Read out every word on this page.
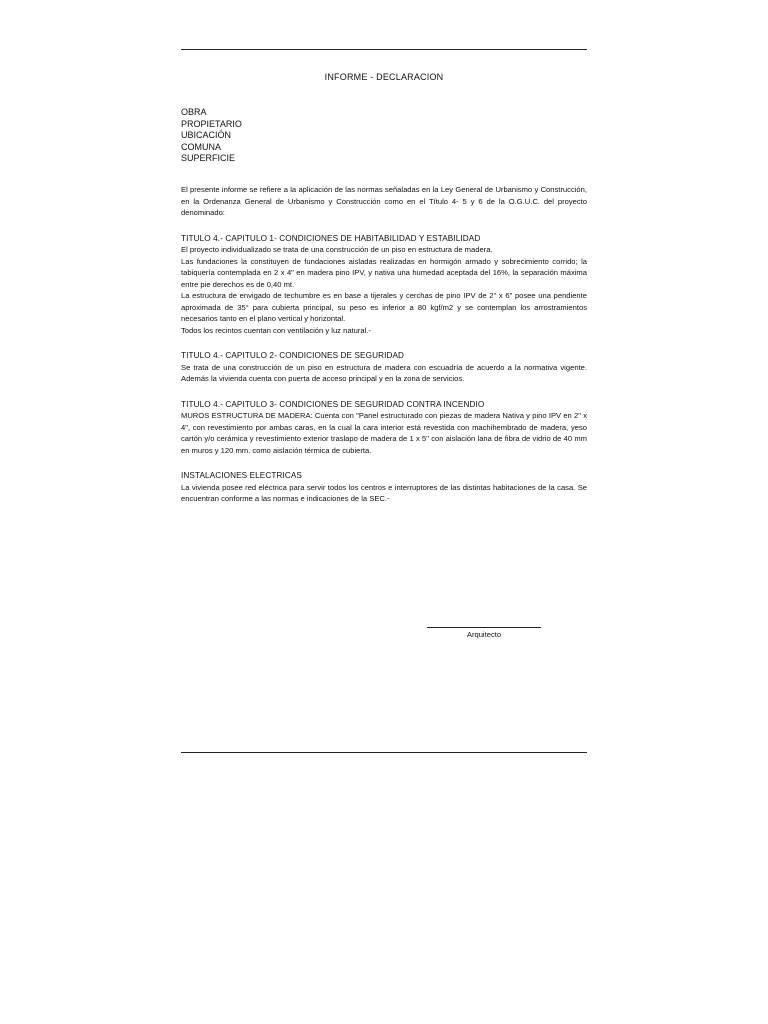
INFORME - DECLARACION
OBRA
PROPIETARIO
UBICACIÓN
COMUNA
SUPERFICIE

El presente informe se refiere a la aplicación de las normas señaladas en la Ley General de Urbanismo y Construcción, en la Ordenanza General de Urbanismo y Construcción como en el Título 4- 5 y 6 de la O.G.U.C. del proyecto denominado:

TITULO 4.- CAPITULO 1- CONDICIONES DE HABITABILIDAD Y ESTABILIDAD

El proyecto individualizado se trata de una construcción de un piso en estructura de madera.

Las fundaciones la constituyen de fundaciones aisladas realizadas en hormigón armado y sobrecimiento corrido; la tabiquería contemplada en 2 x 4" en madera pino IPV, y nativa una humedad aceptada del 16%, la separación máxima entre pie derechos es de 0,40 mt.

La estructura de envigado de techumbre es en base a tijerales y cerchas de pino IPV de 2" x 6" posee una pendiente aproximada de 35° para cubierta principal, su peso es inferior a 80 kgf/m2 y se contemplan los arrostramientos necesarios tanto en el plano vertical y horizontal.

Todos los recintos cuentan con ventilación y luz natural.-

TITULO 4.- CAPITULO 2- CONDICIONES DE SEGURIDAD

Se trata de una construcción de un piso en estructura de madera con escuadría de acuerdo a la normativa vigente. Además la vivienda cuenta con puerta de acceso principal y en la zona de servicios.

TITULO 4.- CAPITULO 3- CONDICIONES DE SEGURIDAD CONTRA INCENDIO

MUROS ESTRUCTURA DE MADERA: Cuenta con "Panel estructurado con piezas de madera Nativa y pino IPV en 2" x 4", con revestimiento por ambas caras, en la cual la cara interior está revestida con machihembrado de madera, yeso cartón y/o cerámica y revestimiento exterior traslapo de madera de 1 x 5" con aislación lana de fibra de vidrio de 40 mm en muros y 120 mm. como aislación térmica de cubierta.

INSTALACIONES ELECTRICAS

La vivienda posee red eléctrica para servir todos los centros e interruptores de las distintas habitaciones de la casa. Se encuentran conforme a las normas e indicaciones de la SEC.-

Arquitecto
